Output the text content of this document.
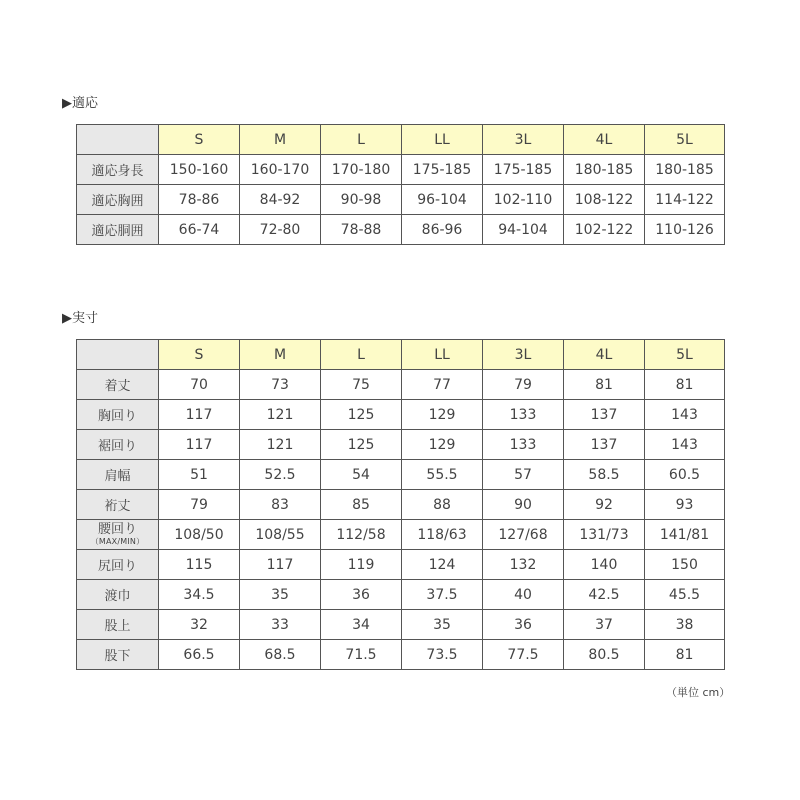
▶適応
	S	M	L	LL	3L	4L	5L
適応身長	150-160	160-170	170-180	175-185	175-185	180-185	180-185
適応胸囲	78-86	84-92	90-98	96-104	102-110	108-122	114-122
適応胴囲	66-74	72-80	78-88	86-96	94-104	102-122	110-126
▶実寸
	S	M	L	LL	3L	4L	5L
着丈	70	73	75	77	79	81	81
胸回り	117	121	125	129	133	137	143
裾回り	117	121	125	129	133	137	143
肩幅	51	52.5	54	55.5	57	58.5	60.5
裄丈	79	83	85	88	90	92	93

腰回り
（MAX/MIN）	108/50	108/55	112/58	118/63	127/68	131/73	141/81
尻回り	115	117	119	124	132	140	150
渡巾	34.5	35	36	37.5	40	42.5	45.5
股上	32	33	34	35	36	37	38
股下	66.5	68.5	71.5	73.5	77.5	80.5	81

（単位 cm）
